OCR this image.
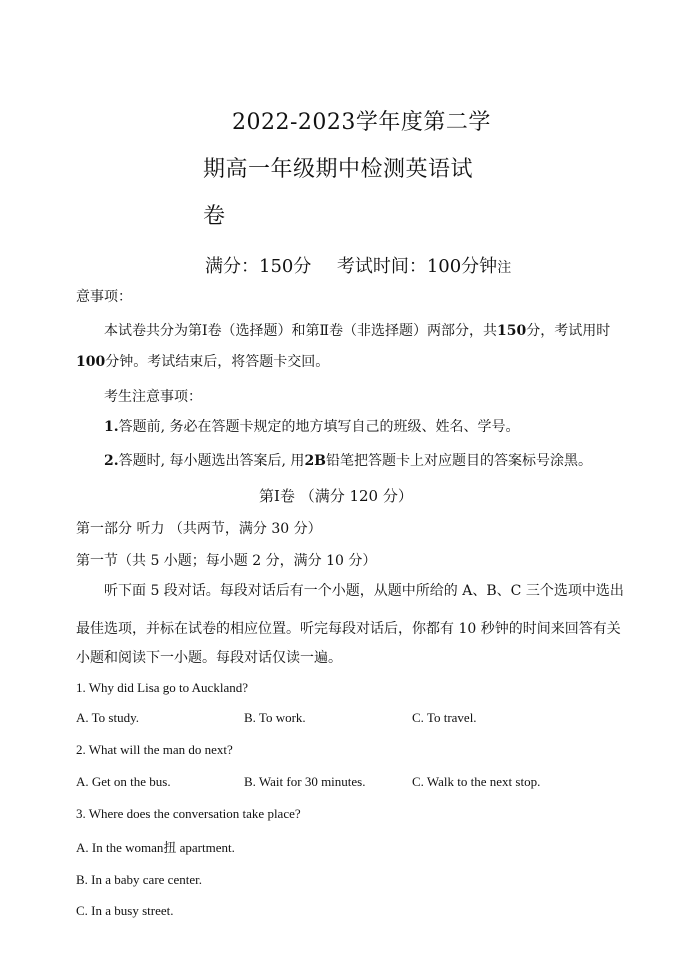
2022-2023学年度第二学
期高一年级期中检测英语试
卷
满分：150分 考试时间：100分钟注
意事项：
本试卷共分为第Ⅰ卷（选择题）和第Ⅱ卷（非选择题）两部分，共150分，考试用时
100分钟。考试结束后，将答题卡交回。
考生注意事项：
1.答题前, 务必在答题卡规定的地方填写自己的班级、姓名、学号。
2.答题时, 每小题选出答案后, 用2B铅笔把答题卡上对应题目的答案标号涂黑。
第Ⅰ卷 （满分 120 分）
第一部分 听力 （共两节，满分 30 分）
第一节（共 5 小题；每小题 2 分，满分 10 分）
听下面 5 段对话。每段对话后有一个小题，从题中所给的 A、B、C 三个选项中选出
最佳选项，并标在试卷的相应位置。听完每段对话后，你都有 10 秒钟的时间来回答有关
小题和阅读下一小题。每段对话仅读一遍。
1. Why did Lisa go to Auckland?
A. To study.	B. To work.	C. To travel.
2. What will the man do next?
A. Get on the bus.	B. Wait for 30 minutes.	C. Walk to the next stop.
3. Where does the conversation take place?
A. In the woman扭 apartment.
B. In a baby care center.
C. In a busy street.
